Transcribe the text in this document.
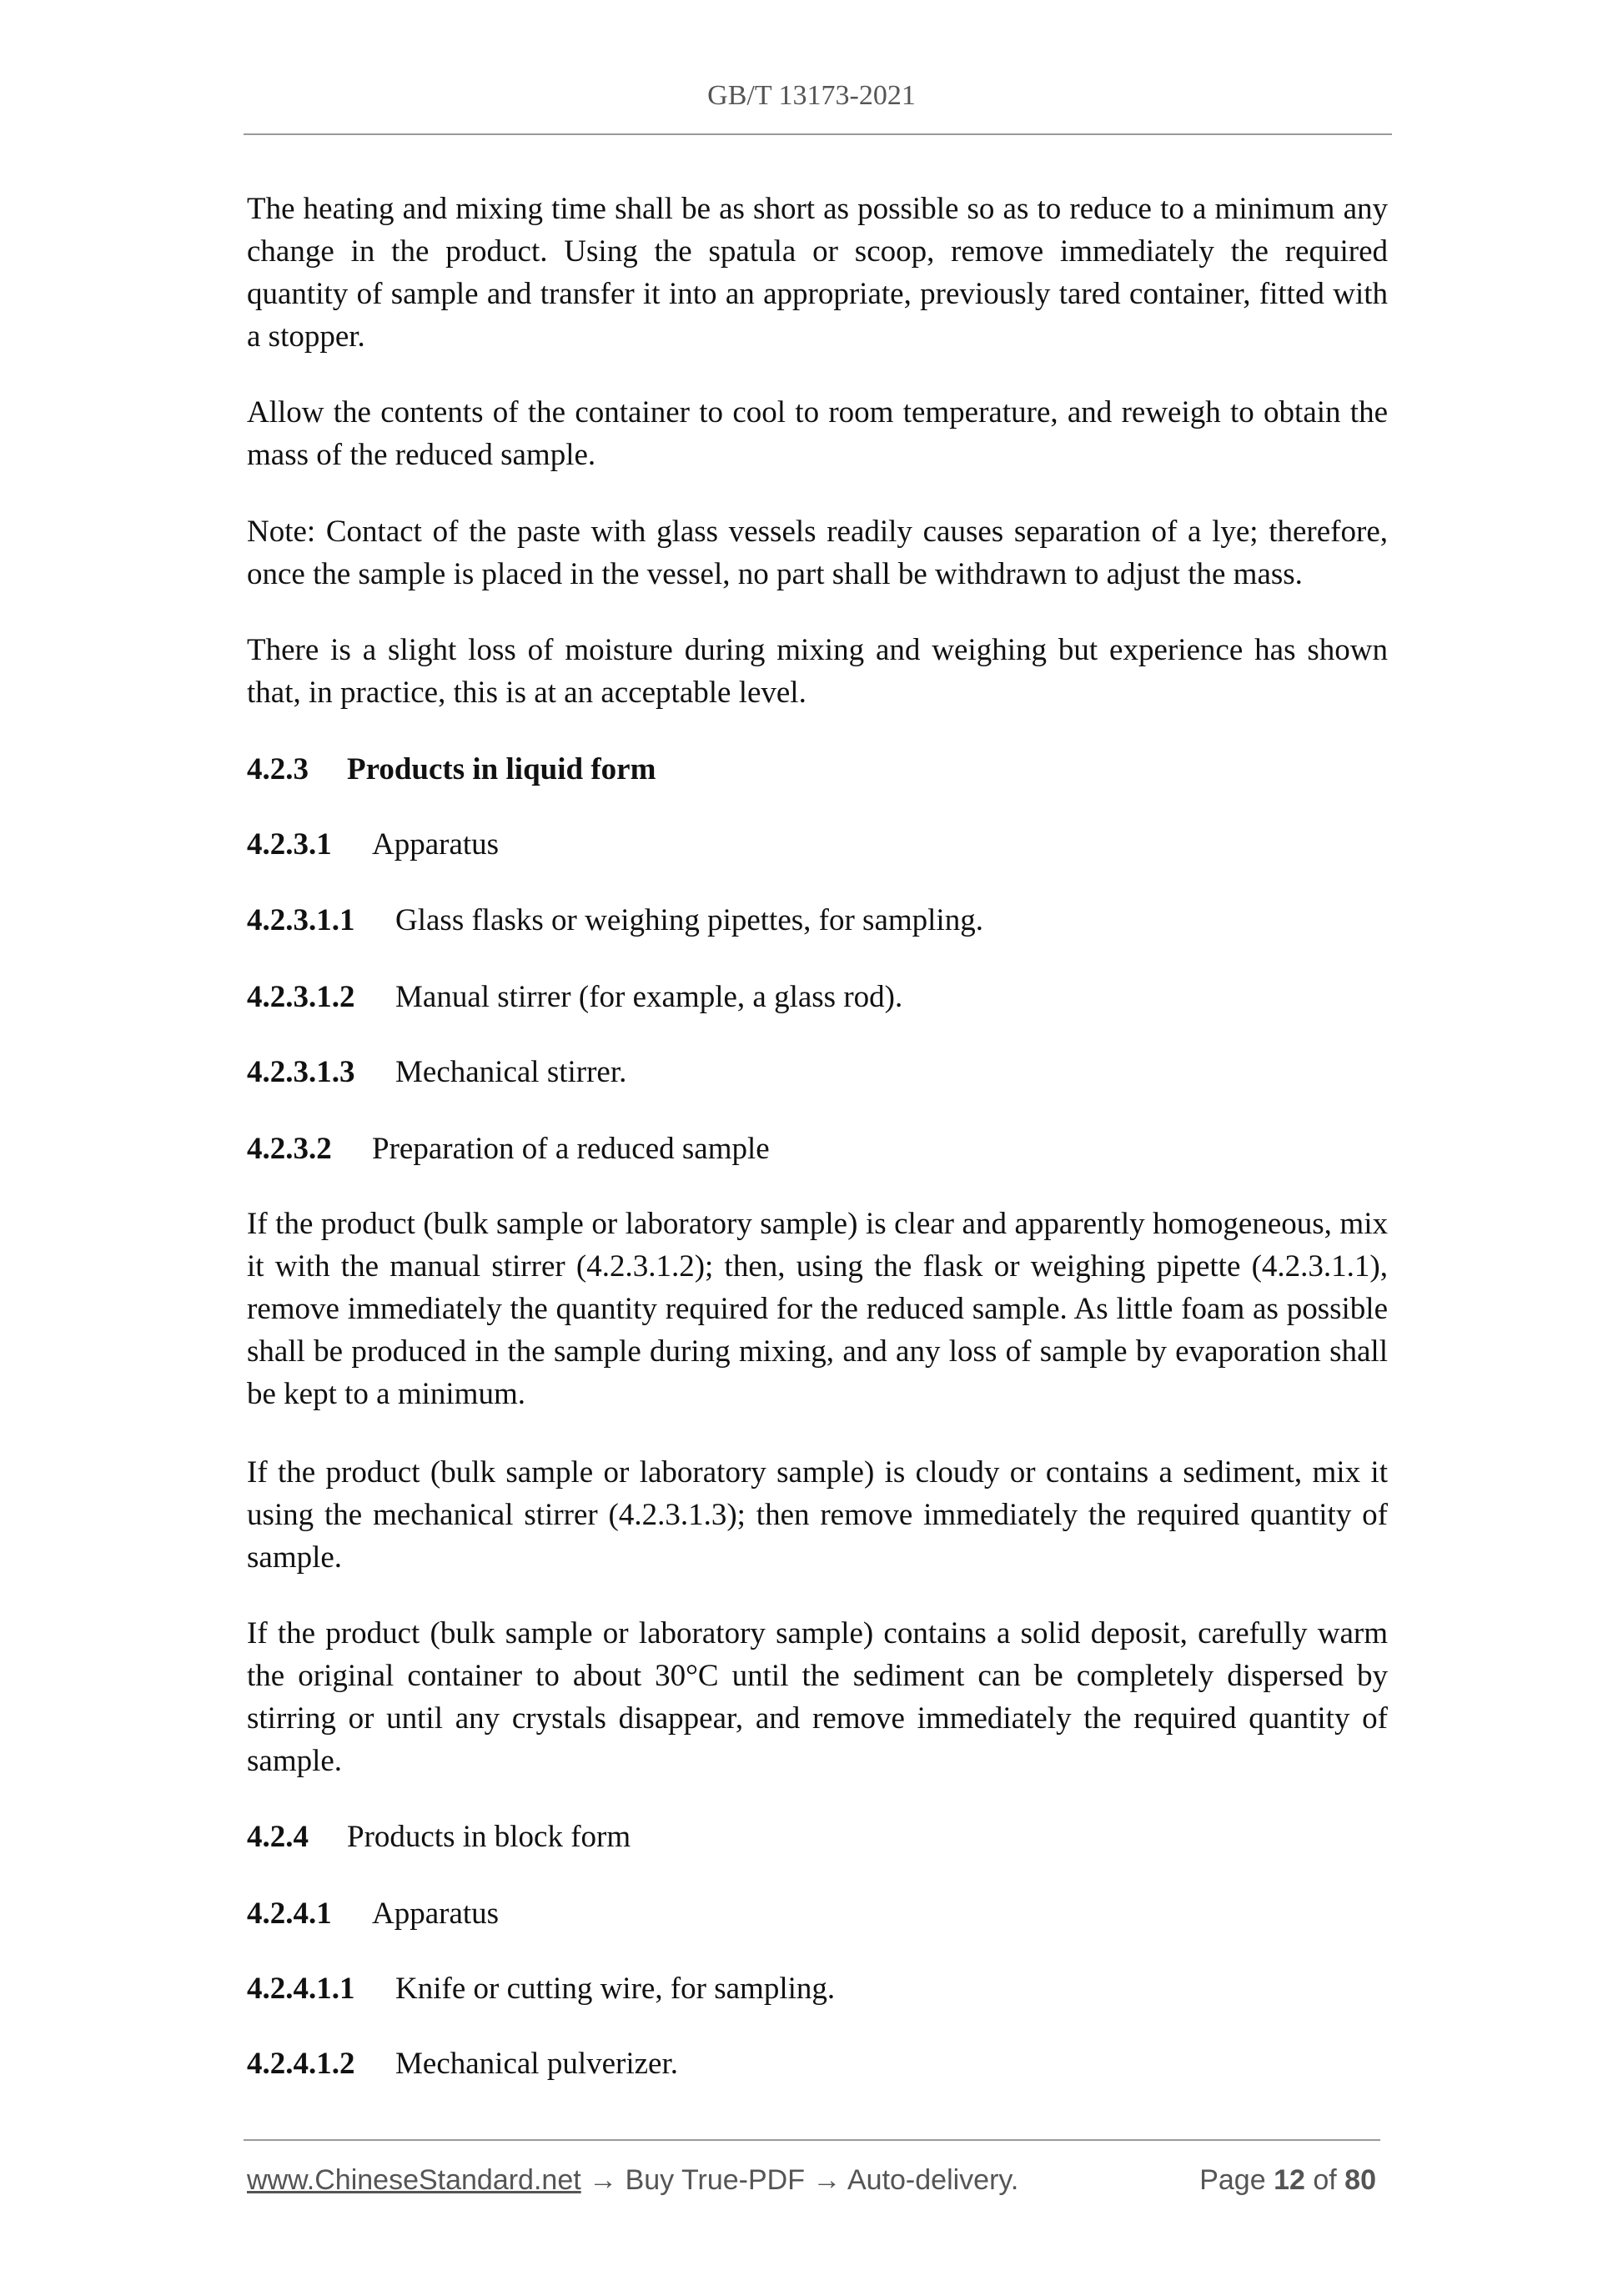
GB/T 13173-2021
The heating and mixing time shall be as short as possible so as to reduce to a minimum any change in the product. Using the spatula or scoop, remove immediately the required quantity of sample and transfer it into an appropriate, previously tared container, fitted with a stopper.
Allow the contents of the container to cool to room temperature, and reweigh to obtain the mass of the reduced sample.
Note: Contact of the paste with glass vessels readily causes separation of a lye; therefore, once the sample is placed in the vessel, no part shall be withdrawn to adjust the mass.
There is a slight loss of moisture during mixing and weighing but experience has shown that, in practice, this is at an acceptable level.
4.2.3 Products in liquid form
4.2.3.1 Apparatus
4.2.3.1.1 Glass flasks or weighing pipettes, for sampling.
4.2.3.1.2 Manual stirrer (for example, a glass rod).
4.2.3.1.3 Mechanical stirrer.
4.2.3.2 Preparation of a reduced sample
If the product (bulk sample or laboratory sample) is clear and apparently homogeneous, mix it with the manual stirrer (4.2.3.1.2); then, using the flask or weighing pipette (4.2.3.1.1), remove immediately the quantity required for the reduced sample. As little foam as possible shall be produced in the sample during mixing, and any loss of sample by evaporation shall be kept to a minimum.
If the product (bulk sample or laboratory sample) is cloudy or contains a sediment, mix it using the mechanical stirrer (4.2.3.1.3); then remove immediately the required quantity of sample.
If the product (bulk sample or laboratory sample) contains a solid deposit, carefully warm the original container to about 30°C until the sediment can be completely dispersed by stirring or until any crystals disappear, and remove immediately the required quantity of sample.
4.2.4 Products in block form
4.2.4.1 Apparatus
4.2.4.1.1 Knife or cutting wire, for sampling.
4.2.4.1.2 Mechanical pulverizer.
www.ChineseStandard.net → Buy True-PDF → Auto-delivery.	Page 12 of 80
